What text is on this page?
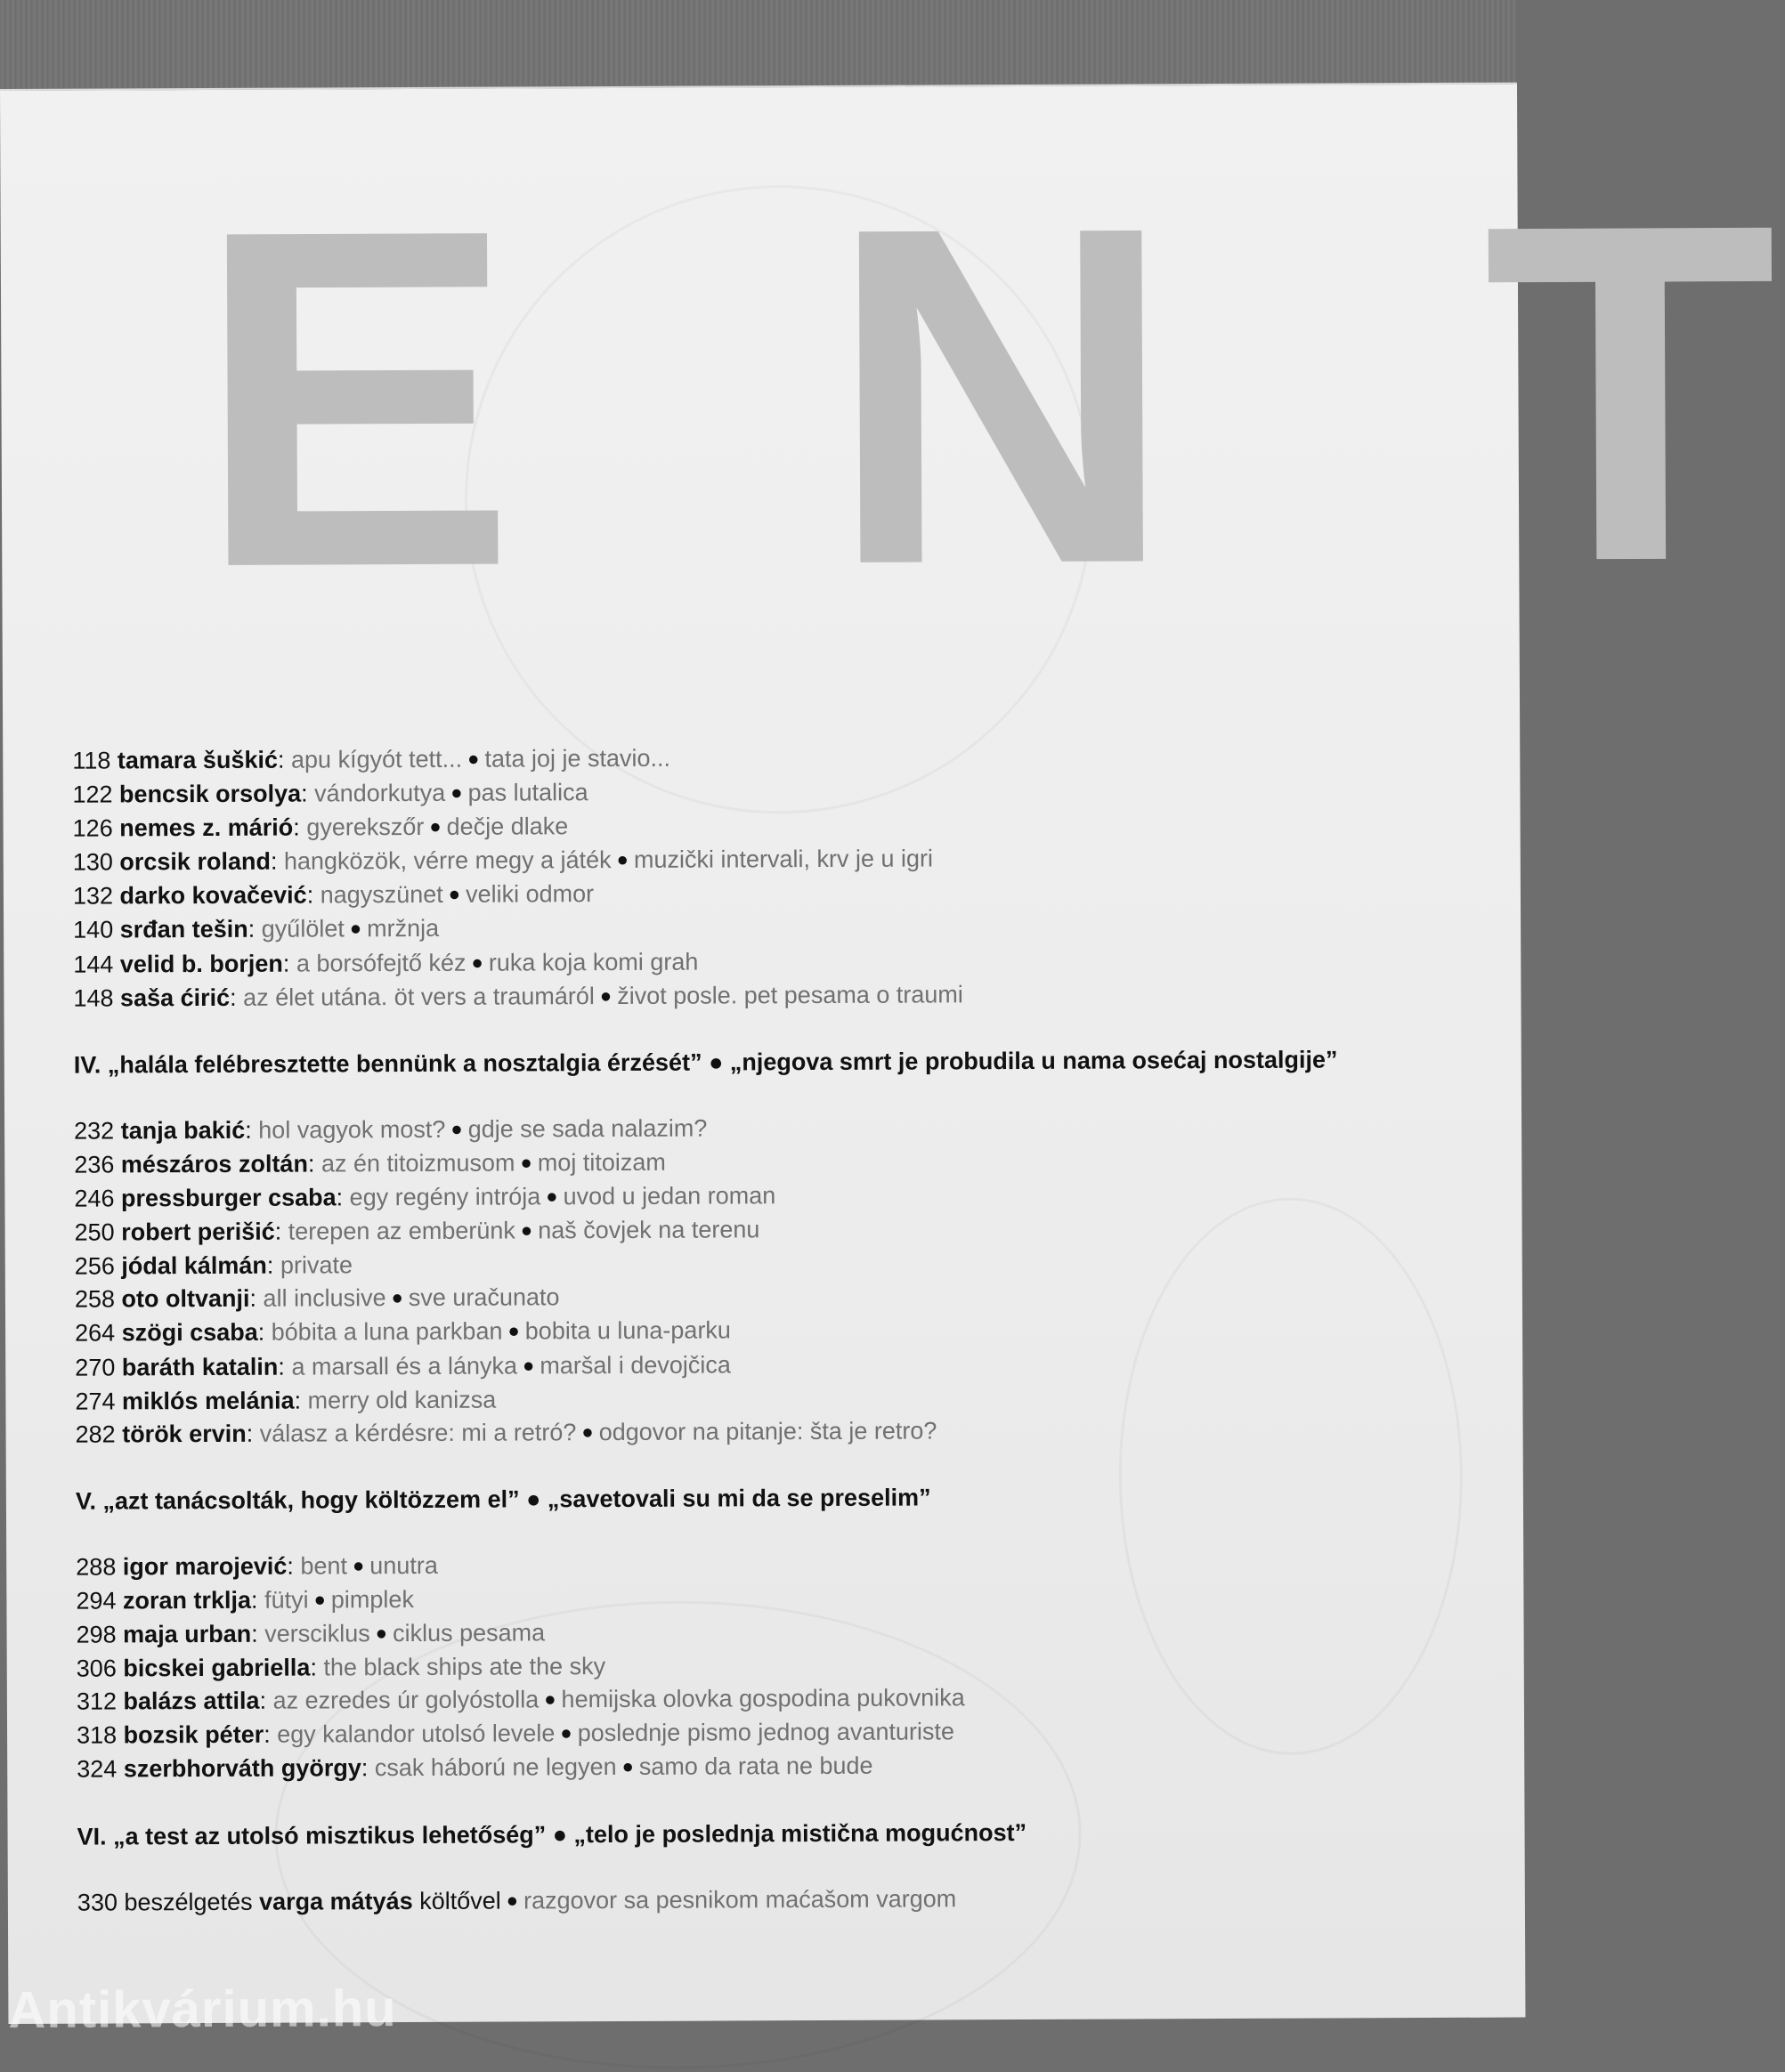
E N T
118 tamara šuškić: apu kígyót tett... ● tata joj je stavio...
122 bencsik orsolya: vándorkutya ● pas lutalica
126 nemes z. márió: gyerekszőr ● dečje dlake
130 orcsik roland: hangközök, vérre megy a játék ● muzički intervali, krv je u igri
132 darko kovačević: nagyszünet ● veliki odmor
140 srđan tešin: gyűlölet ● mržnja
144 velid b. borjen: a borsófejtő kéz ● ruka koja komi grah
148 saša ćirić: az élet utána. öt vers a traumáról ● život posle. pet pesama o traumi
IV. „halála felébresztette bennünk a nosztalgia érzését” ● „njegova smrt je probudila u nama osećaj nostalgije”
232 tanja bakić: hol vagyok most? ● gdje se sada nalazim?
236 mészáros zoltán: az én titoizmusom ● moj titoizam
246 pressburger csaba: egy regény intrója ● uvod u jedan roman
250 robert perišić: terepen az emberünk ● naš čovjek na terenu
256 jódal kálmán: private
258 oto oltvanji: all inclusive ● sve uračunato
264 szögi csaba: bóbita a luna parkban ● bobita u luna-parku
270 baráth katalin: a marsall és a lányka ● maršal i devojčica
274 miklós melánia: merry old kanizsa
282 török ervin: válasz a kérdésre: mi a retró? ● odgovor na pitanje: šta je retro?
V. „azt tanácsolták, hogy költözzem el” ● „savetovali su mi da se preselim”
288 igor marojević: bent ● unutra
294 zoran trklja: fütyi ● pimplek
298 maja urban: versciklus ● ciklus pesama
306 bicskei gabriella: the black ships ate the sky
312 balázs attila: az ezredes úr golyóstollа ● hemijska olovka gospodina pukovnika
318 bozsik péter: egy kalandor utolsó levele ● poslednje pismo jednog avanturiste
324 szerbhorváth györgy: csak háború ne legyen ● samo da rata ne bude
VI. „a test az utolsó misztikus lehetőség” ● „telo je poslednja mistična mogućnost”
330 beszélgetés varga mátyás költővel ● razgovor sa pesnikom maćašom vargom
Antikvárium.hu
